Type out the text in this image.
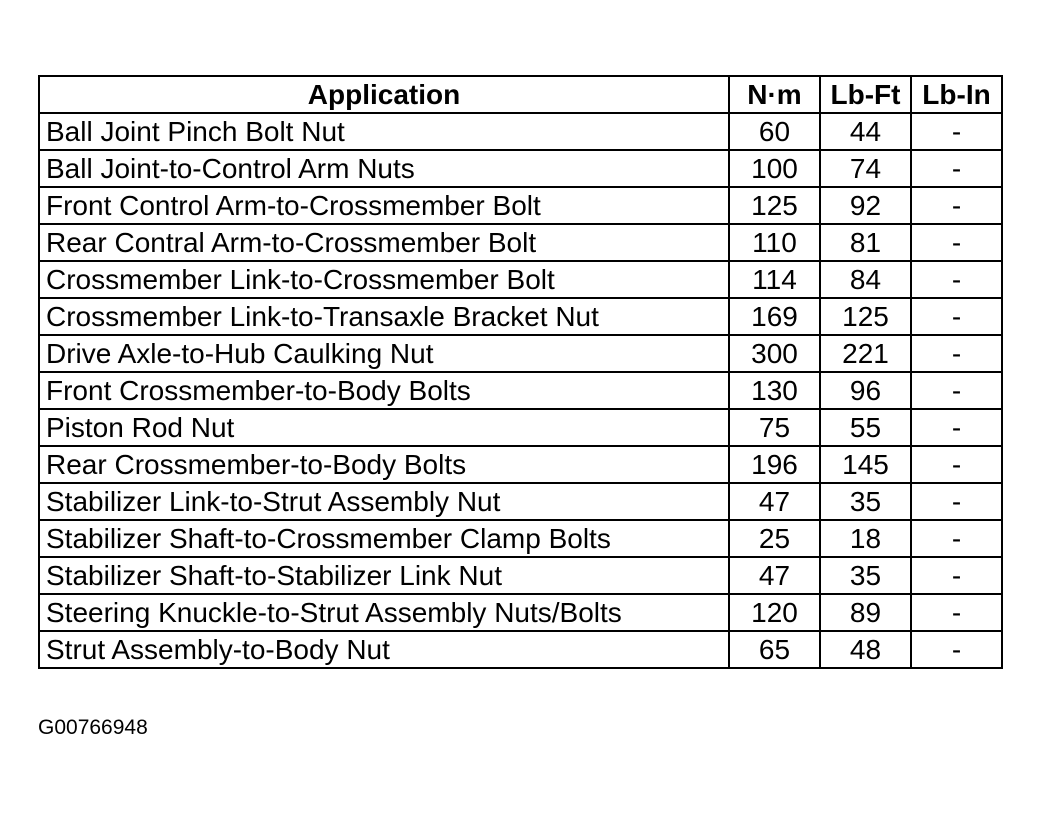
Application	N·m	Lb-Ft	Lb-In
Ball Joint Pinch Bolt Nut	60	44	-
Ball Joint-to-Control Arm Nuts	100	74	-
Front Control Arm-to-Crossmember Bolt	125	92	-
Rear Contral Arm-to-Crossmember Bolt	110	81	-
Crossmember Link-to-Crossmember Bolt	114	84	-
Crossmember Link-to-Transaxle Bracket Nut	169	125	-
Drive Axle-to-Hub Caulking Nut	300	221	-
Front Crossmember-to-Body Bolts	130	96	-
Piston Rod Nut	75	55	-
Rear Crossmember-to-Body Bolts	196	145	-
Stabilizer Link-to-Strut Assembly Nut	47	35	-
Stabilizer Shaft-to-Crossmember Clamp Bolts	25	18	-
Stabilizer Shaft-to-Stabilizer Link Nut	47	35	-
Steering Knuckle-to-Strut Assembly Nuts/Bolts	120	89	-
Strut Assembly-to-Body Nut	65	48	-
G00766948
